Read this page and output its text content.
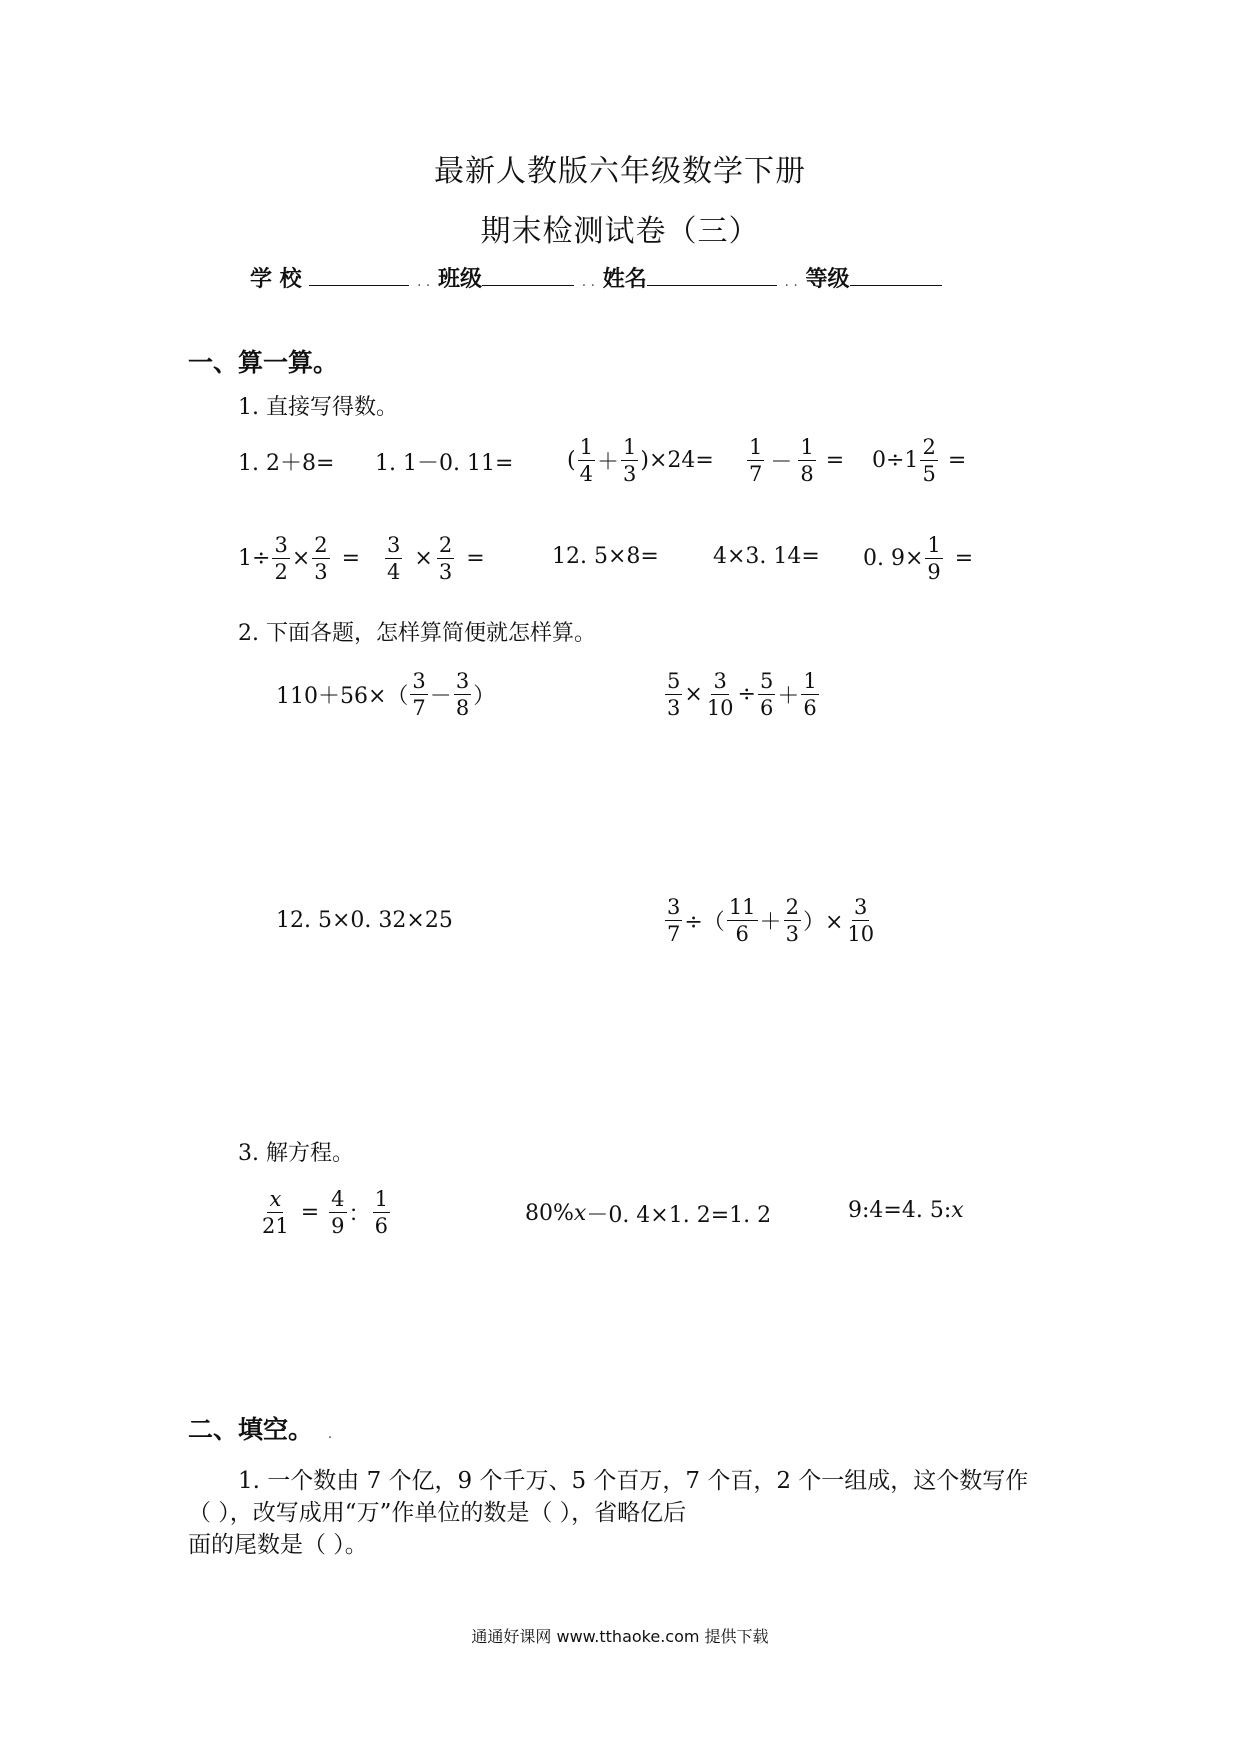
最新人教版六年级数学下册
期末检测试卷（三）
学 校	. . 班级	. . 姓名	. . 等级
一、算一算。
1. 直接写得数。
1. 2＋8= 1. 1－0. 11= ( $\frac{1}{4} + \frac{1}{3} )\times 24= \frac{1}{7} - \frac{1}{8} = 0\div 1 \frac{2}{5}$ =
$1\div \frac{3}{2} \times \frac{2}{3} = \frac{3}{4} \times \frac{2}{3}$ =	12. 5×8= 4×3. 14= 0. $9\times \frac{1}{9}$ =
2. 下面各题，怎样算简便就怎样算。
$110+56\times( \frac{3}{7} - \frac{3}{8}$ ）	$\frac{5}{3} \times \frac{3}{10} \div \frac{5}{6} + \frac{1}{6}$
12. 5×0. 32×25	$\frac{3}{7}$ ÷（ $\frac{11}{6} + \frac{2}{3}$ ）× $\frac{3}{10}$
3. 解方程。
$\frac{x}{21} = \frac{4}{9}$ ： $\frac{1}{6}$	80% x －0. 4×1. 2=1. 2	9:4=4. 5: x
二、填空。 .
1. 一个数由 7 个亿，9 个千万、5 个百万，7 个百，2 个一组成，这个数写作
（ ），改写成用“万”作单位的数是（ ），省略亿后
面的尾数是（ ）。
通通好课网 www.tthaoke.com 提供下载
